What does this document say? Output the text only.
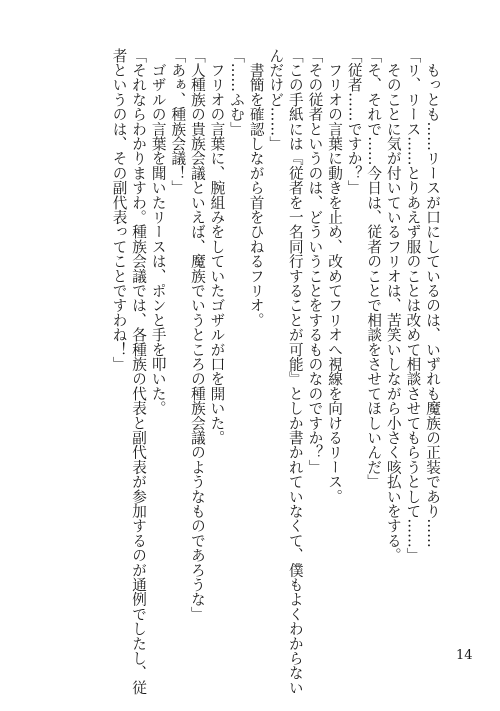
　もっとも……リースが口にしているのは、いずれも魔族の正装であり……
「リ、リース……とりあえず服のことは改めて相談させてもらうとして……」
　そのことに気が付いているフリオは、苦笑いしながら小さく咳払いをする。
「そ、それで……今日は、従者のことで相談をさせてほしいんだ」
「従者……ですか？」
　フリオの言葉に動きを止め、改めてフリオへ視線を向けるリース。
「その従者というのは、どういうことをするものなのですか？」
「この手紙には『従者を一名同行することが可能』としか書かれていなくて、僕もよくわからない
んだけど……」
　書簡を確認しながら首をひねるフリオ。
「……ふむ」
　フリオの言葉に、腕組みをしていたゴザルが口を開いた。
「人種族の貴族会議といえば、魔族でいうところの種族会議のようなものであろうな」
「あぁ、種族会議！」
　ゴザルの言葉を聞いたリースは、ポンと手を叩いた。
「それならわかりますわ。種族会議では、各種族の代表と副代表が参加するのが通例でしたし、従
者というのは、その副代表ってことですわね！」
14
